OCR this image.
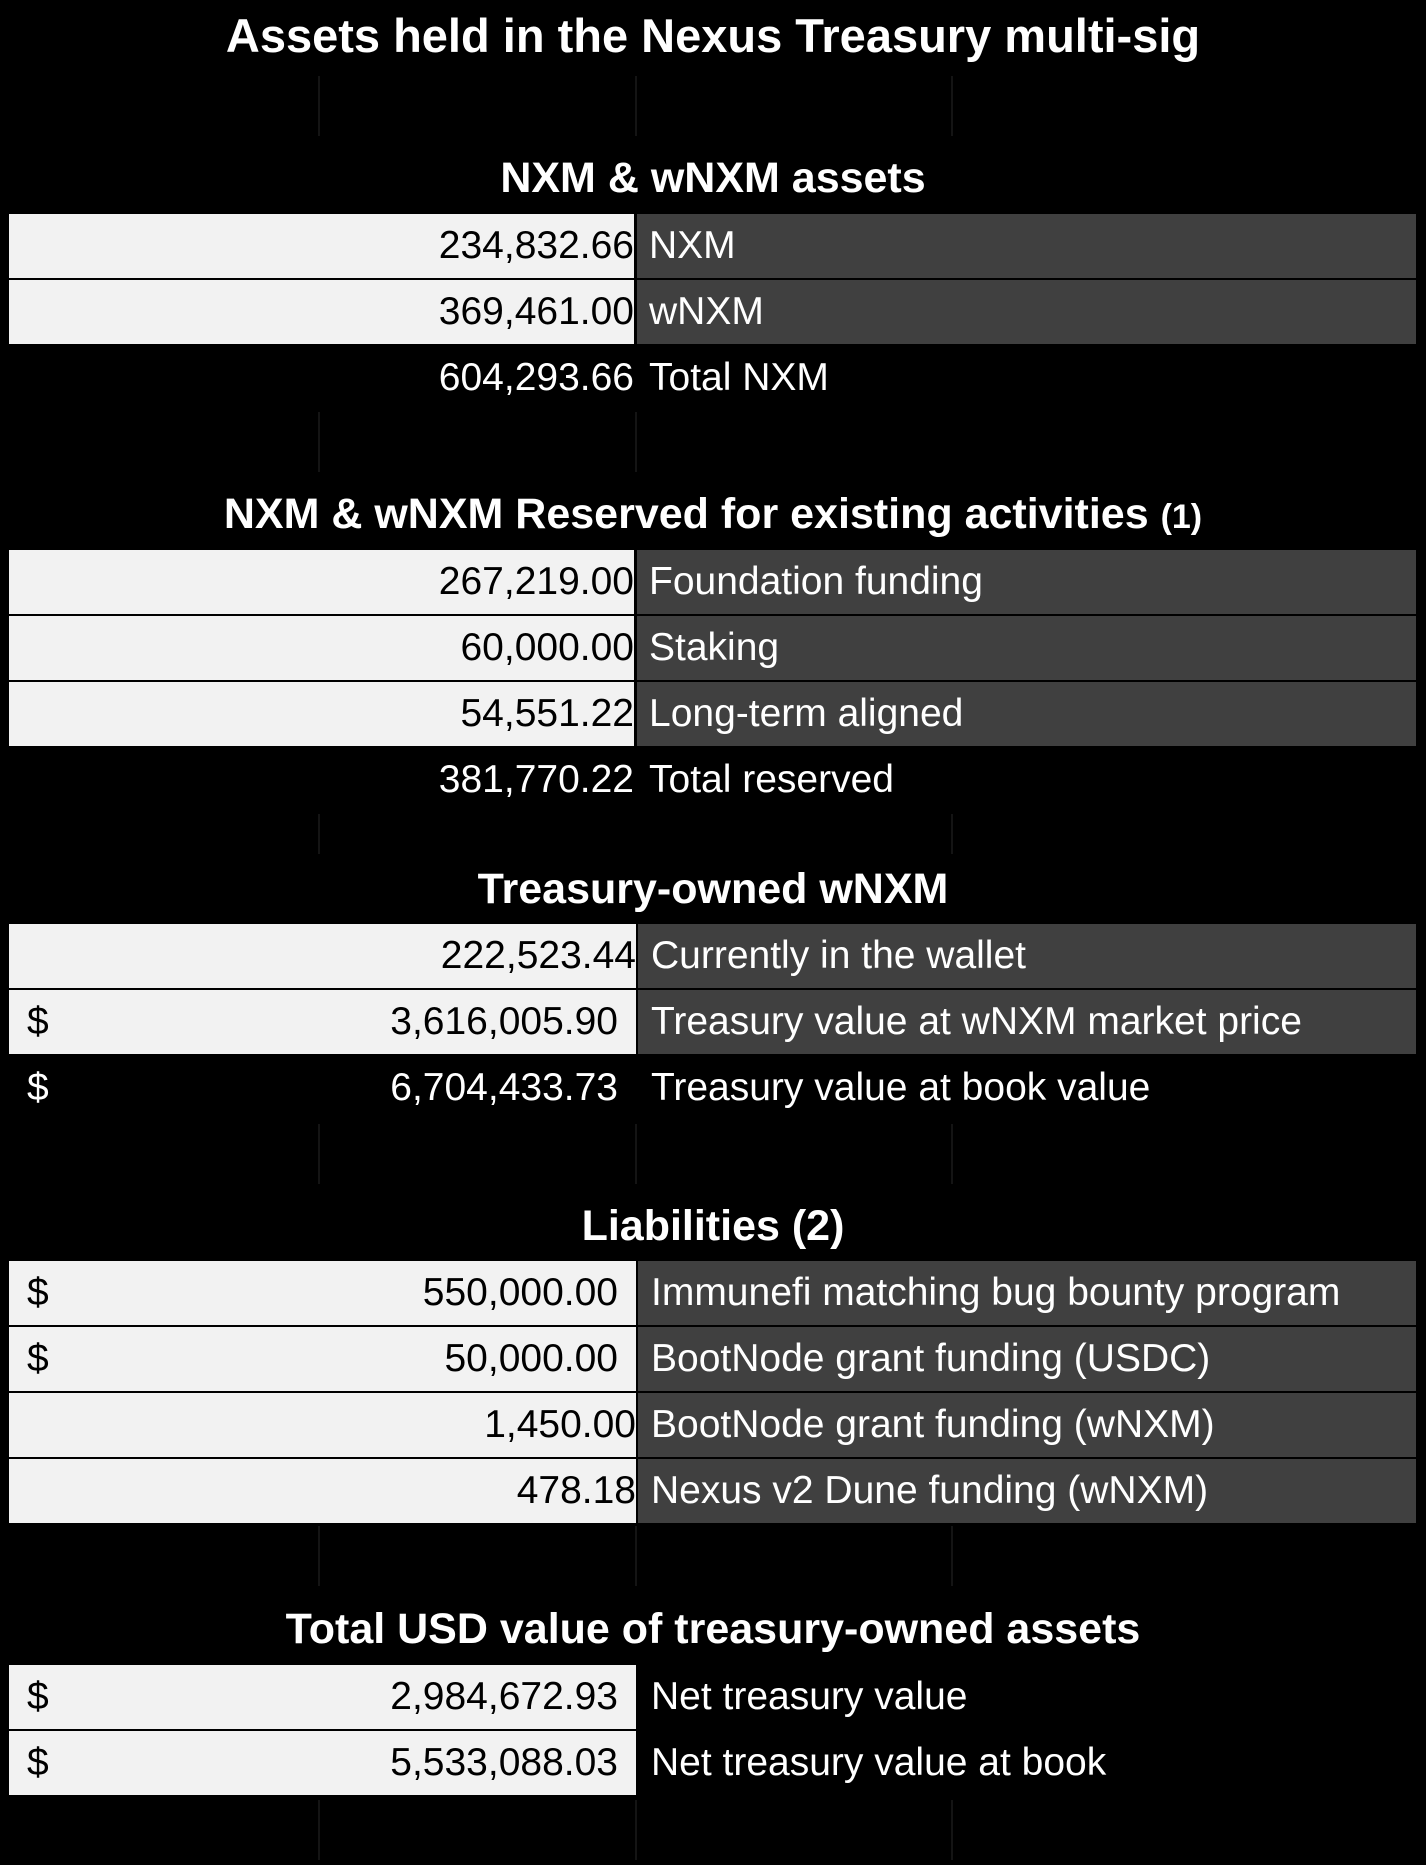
Assets held in the Nexus Treasury multi-sig
NXM & wNXM assets
234,832.66 NXM
369,461.00 wNXM
604,293.66 Total NXM
NXM & wNXM Reserved for existing activities (1)
267,219.00 Foundation funding
60,000.00 Staking
54,551.22 Long-term aligned
381,770.22 Total reserved
Treasury-owned wNXM
222,523.44 Currently in the wallet
$	3,616,005.90 Treasury value at wNXM market price
$	6,704,433.73 Treasury value at book value
Liabilities (2)
$	550,000.00 Immunefi matching bug bounty program
$	50,000.00 BootNode grant funding (USDC)
1,450.00 BootNode grant funding (wNXM)
478.18 Nexus v2 Dune funding (wNXM)
Total USD value of treasury-owned assets
$	2,984,672.93 Net treasury value
$	5,533,088.03 Net treasury value at book
